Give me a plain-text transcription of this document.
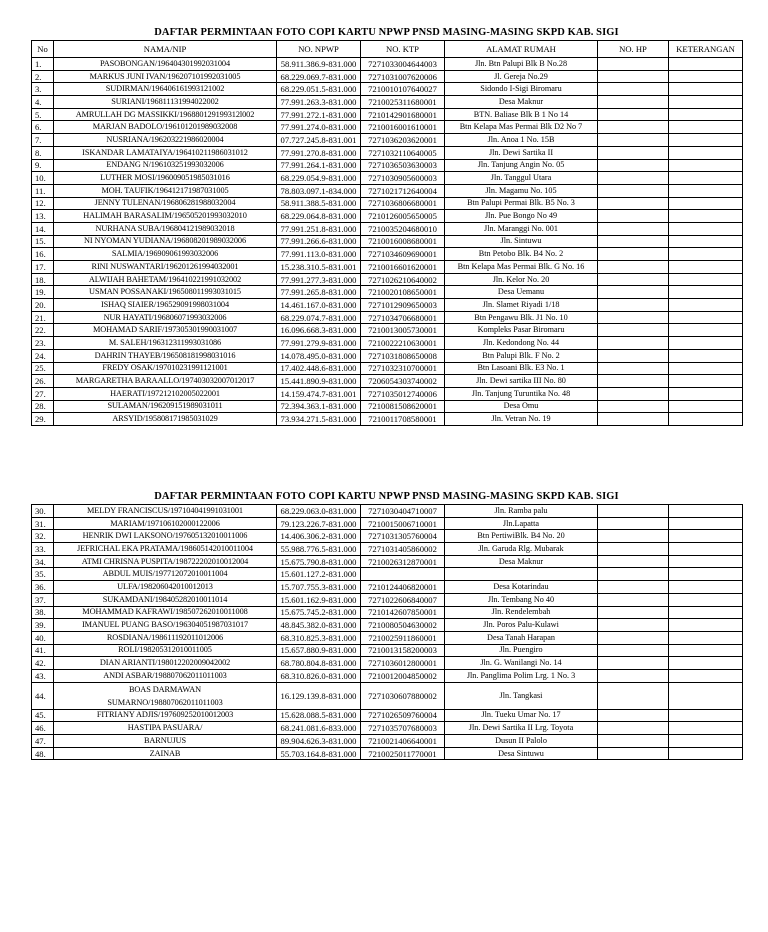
DAFTAR PERMINTAAN FOTO COPI KARTU NPWP PNSD MASING-MASING SKPD KAB. SIGI
No	NAMA/NIP	NO. NPWP	NO. KTP	ALAMAT RUMAH	NO. HP	KETERANGAN
1.	PASOBONGAN/196404301992031004	58.911.386.9-831.000	7271033004644003	Jln. Btn Palupi Blk B No.28		
2.	MARKUS JUNI IVAN/196207101992031005	68.229.069.7-831.000	7271031007620006	Jl. Gereja No.29		
3.	SUDIRMAN/196406161993121002	68.229.051.5-831.000	7210010107640027	Sidondo I-Sigi Biromaru		
4.	SURIANI/196811131994022002	77.991.263.3-831.000	7210025311680001	Desa Maknur		
5.	AMRULLAH DG MASSIKKI/196880129199312l002	77.991.272.1-831.000	7210142901680001	BTN. Baliase Blk B 1 No 14		
6.	MARJAN BADOLO/196101201989032008	77.991.274.0-831.000	7210016001610001	Btn Kelapa Mas Permai Blk D2 No 7		
7.	NUSRIANA/196203221986020004	07.727.245.8-831.001	7271036203620001	Jln. Anoa 1 No. 15B		
8.	ISKANDAR LAMATAIYA/196410211986031012	77.991.270.8-831.000	7271032110640005	Jln. Dewi Sartika II		
9.	ENDANG N/196103251993032006	77.991.264.1-831.000	7271036503630003	Jln. Tanjung Angin No. 05		
10.	LUTHER MOSI/196009051985031016	68.229.054.9-831.000	7271030905600003	Jln. Tanggul Utara		
11.	MOH. TAUFIK/196412171987031005	78.803.097.1-834.000	7271021712640004	Jln. Magamu No. 105		
12.	JENNY TULENAN/196806281988032004	58.911.388.5-831.000	7271036806680001	Btn Palupi Permai Blk. B5 No. 3		
13.	HALIMAH BARASALIM/196505201993032010	68.229.064.8-831.000	7210126005650005	Jln. Pue Bongo No 49		
14.	NURHANA SUBA/196804121989032018	77.991.251.8-831.000	7210035204680010	Jln. Maranggi No. 001		
15.	NI NYOMAN YUDIANA/196808201989032006	77.991.266.6-831.000	7210016008680001	Jln. Sintuwu		
16.	SALMIA/196909061993032006	77.991.113.0-831.000	7271034609690001	Btn Petobo Blk. B4 No. 2		
17.	RINI NUSWANTARI/196201261994032001	15.238.310.5-831.001	7210016601620001	Btn Kelapa Mas Permai Blk. G No. 16		
18.	ALWIJAH BAHETAM/196410221991032002	77.991.277.3-831.000	7271026210640002	Jln. Kelor No. 20		
19.	USMAN POSSANAKI/196508011993031015	77.991.265.8-831.000	7210020108650001	Desa Uemanu		
20.	ISHAQ SIAIER/196529091998031004	14.461.167.0-831.000	7271012909650003	Jln. Slamet Riyadi 1/18		
21.	NUR HAYATI/196806071993032006	68.229.074.7-831.000	7271034706680001	Btn Pengawu Blk. J1 No. 10		
22.	MOHAMAD SARIF/197305301990031007	16.096.668.3-831.000	7210013005730001	Kompleks Pasar Biromaru		
23.	M. SALEH/196312311993031086	77.991.279.9-831.000	7210022210630001	Jln. Kedondong No. 44		
24.	DAHRIN THAYEB/196508181998031016	14.078.495.0-831.000	7271031808650008	Btn Palupi Blk. F No. 2		
25.	FREDY OSAK/197010231991121001	17.402.448.6-831.000	7271032310700001	Btn Lasoani Blk. E3 No. 1		
26.	MARGARETHA BARAALLO/197403032007012017	15.441.890.9-831.000	7206054303740002	Jln. Dewi sartika III No. 80		
27.	HAERATI/197212102005022001	14.159.474.7-831.001	7271035012740006	Jln. Tanjung Turuntika No. 48		
28.	SULAMAN/196209151989031011	72.394.363.1-831.000	7210081508620001	Desa Omu		
29.	ARSYID/195808171985031029	73.934.271.5-831.000	7210011708580001	Jln. Vetran No. 19		
DAFTAR PERMINTAAN FOTO COPI KARTU NPWP PNSD MASING-MASING SKPD KAB. SIGI
30.	MELDY FRANCISCUS/197104041991031001	68.229.063.0-831.000	7271030404710007	Jln. Ramba palu		
31.	MARIAM/197106102000122006	79.123.226.7-831.000	7210015006710001	Jln.Lapatta		
32.	HENRIK DWI LAKSONO/197605132010011006	14.406.306.2-831.000	7271031305760004	Btn PertiwiBlk. B4 No. 20		
33.	JEFRICHAL EKA PRATAMA/198605142010011004	55.988.776.5-831.000	7271031405860002	Jln. Garuda Rlg. Mubarak		
34.	ATMI CHRISNA PUSPITA/198722202010012004	15.675.790.8-831.000	7210026312870001	Desa Maknur		
35.	ABDUL MUIS/197712072010011004	15.601.127.2-831.000				
36.	ULFA/198206042010012013	15.707.755.3-831.000	7210124406820001	Desa Kotarindau		
37.	SUKAMDANI/198405282010011014	15.601.162.9-831.000	7271022606840007	Jln. Tembang No 40		
38.	MOHAMMAD KAFRAWI/198507262010011008	15.675.745.2-831.000	7210142607850001	Jln. Rendelembah		
39.	IMANUEL PUANG BASO/196304051987031017	48.845.382.0-831.000	7210080504630002	Jln. Poros Palu-Kulawi		
40.	ROSDIANA/198611192011012006	68.310.825.3-831.000	7210025911860001	Desa Tanah Harapan		
41.	ROLI/198205312010011005	15.657.880.9-831.000	7210013158200003	Jln. Puengiro		
42.	DIAN ARIANTI/198012202009042002	68.780.804.8-831.000	7271036012800001	Jln. G. Wanilangi No. 14		
43.	ANDI ASBAR/198807062011011003	68.310.826.0-831.000	7210012004850002	Jln. Panglima Polim Lrg. 1 No. 3		
44.	BOAS DARMAWAN
SUMARNO/198807062011011003	16.129.139.8-831.000	7271030607880002	Jln. Tangkasi		
45.	FITRIANY ADJIS/197609252010012003	15.628.088.5-831.000	7271026509760004	Jln. Tueku Umar No. 17		
46.	HASTIPA PASUARA/	68.241.081.6-833.000	7271035707680003	Jln. Dewi Sartika II Lrg. Toyota		
47.	BARNUJUS	89.904.626.3-831.000	7210021406640001	Dusun II Palolo		
48.	ZAINAB	55.703.164.8-831.000	7210025011770001	Desa Sintuwu		
